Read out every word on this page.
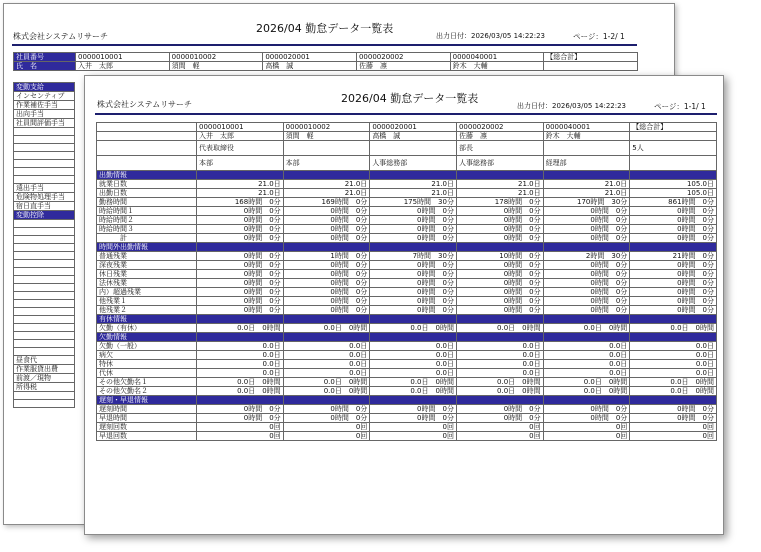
株式会社システムリサーチ
2026/04 勤怠データ一覧表
出力日付：2026/03/05 14:22:23	ページ：1-2/ 1
社員番号	0000010001	0000010002	0000020001	0000020002	0000040001	【総合計】
氏　名	入井　太郎	須間　軽	高橋　誠	佐藤　凛	鈴木　大輔	
変動支給
インセンティブ
作業補佐手当
出向手当
社員間評価手当

遠出手当
危険物処理手当
宿日直手当
変動控除

昼食代
作業服貸出費
前渡／現物
所得税

株式会社システムリサーチ	2026/04 勤怠データ一覧表
出力日付：2026/03/05 14:22:23	ページ：1-1/ 1
社員番号	0000010001	0000010002	0000020001	0000020002	0000040001	【総合計】
氏　名	入井　太郎	須間　軽	高橋　誠	佐藤　凛	鈴木　大輔	
役　職	代表取締役			部長		5人
所属名称	本部	本部	人事総務部	人事総務部	経理部	
出勤情報						
就業日数	21.0日	21.0日	21.0日	21.0日	21.0日	105.0日
出勤日数	21.0日	21.0日	21.0日	21.0日	21.0日	105.0日
勤務時間	168時間　0分	169時間　0分	175時間　30分	178時間　0分	170時間　30分	861時間　0分
時給時間１	0時間　0分	0時間　0分	0時間　0分	0時間　0分	0時間　0分	0時間　0分
時給時間２	0時間　0分	0時間　0分	0時間　0分	0時間　0分	0時間　0分	0時間　0分
時給時間３	0時間　0分	0時間　0分	0時間　0分	0時間　0分	0時間　0分	0時間　0分
　　　計	0時間　0分	0時間　0分	0時間　0分	0時間　0分	0時間　0分	0時間　0分
時間外出勤情報						
普通残業	0時間　0分	1時間　0分	7時間　30分	10時間　0分	2時間　30分	21時間　0分
深夜残業	0時間　0分	0時間　0分	0時間　0分	0時間　0分	0時間　0分	0時間　0分
休日残業	0時間　0分	0時間　0分	0時間　0分	0時間　0分	0時間　0分	0時間　0分
法休残業	0時間　0分	0時間　0分	0時間　0分	0時間　0分	0時間　0分	0時間　0分
内）超過残業	0時間　0分	0時間　0分	0時間　0分	0時間　0分	0時間　0分	0時間　0分
他残業１	0時間　0分	0時間　0分	0時間　0分	0時間　0分	0時間　0分	0時間　0分
他残業２	0時間　0分	0時間　0分	0時間　0分	0時間　0分	0時間　0分	0時間　0分
有休情報						
欠勤（有休）	0.0日　0時間	0.0日　0時間	0.0日　0時間	0.0日　0時間	0.0日　0時間	0.0日　0時間
欠勤情報						
欠勤（一般）	0.0日	0.0日	0.0日	0.0日	0.0日	0.0日
病欠	0.0日	0.0日	0.0日	0.0日	0.0日	0.0日
特休	0.0日	0.0日	0.0日	0.0日	0.0日	0.0日
代休	0.0日	0.0日	0.0日	0.0日	0.0日	0.0日
その他欠勤名１	0.0日　0時間	0.0日　0時間	0.0日　0時間	0.0日　0時間	0.0日　0時間	0.0日　0時間
その他欠勤名２	0.0日　0時間	0.0日　0時間	0.0日　0時間	0.0日　0時間	0.0日　0時間	0.0日　0時間
遅刻・早退情報						
遅刻時間	0時間　0分	0時間　0分	0時間　0分	0時間　0分	0時間　0分	0時間　0分
早退時間	0時間　0分	0時間　0分	0時間　0分	0時間　0分	0時間　0分	0時間　0分
遅刻回数	0回	0回	0回	0回	0回	0回
早退回数	0回	0回	0回	0回	0回	0回
